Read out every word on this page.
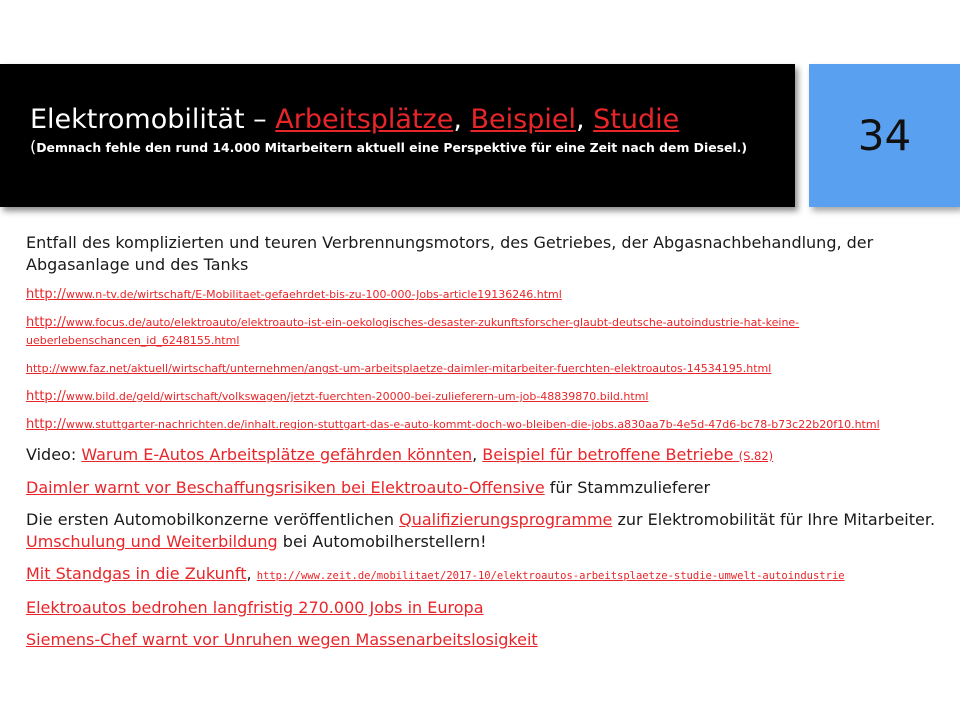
Elektromobilität – Arbeitsplätze, Beispiel, Studie
(Demnach fehle den rund 14.000 Mitarbeitern aktuell eine Perspektive für eine Zeit nach dem Diesel.)	34

Entfall des komplizierten und teuren Verbrennungsmotors, des Getriebes, der Abgasnachbehandlung, der Abgasanlage und des Tanks

http://www.n-tv.de/wirtschaft/E-Mobilitaet-gefaehrdet-bis-zu-100-000-Jobs-article19136246.html

http://www.focus.de/auto/elektroauto/elektroauto-ist-ein-oekologisches-desaster-zukunftsforscher-glaubt-deutsche-autoindustrie-hat-keine-ueberlebenschancen_id_6248155.html

http://www.faz.net/aktuell/wirtschaft/unternehmen/angst-um-arbeitsplaetze-daimler-mitarbeiter-fuerchten-elektroautos-14534195.html

http://www.bild.de/geld/wirtschaft/volkswagen/jetzt-fuerchten-20000-bei-zulieferern-um-job-48839870.bild.html

http://www.stuttgarter-nachrichten.de/inhalt.region-stuttgart-das-e-auto-kommt-doch-wo-bleiben-die-jobs.a830aa7b-4e5d-47d6-bc78-b73c22b20f10.html

Video: Warum E-Autos Arbeitsplätze gefährden könnten, Beispiel für betroffene Betriebe (S.82)

Daimler warnt vor Beschaffungsrisiken bei Elektroauto-Offensive für Stammzulieferer

Die ersten Automobilkonzerne veröffentlichen Qualifizierungsprogramme zur Elektromobilität für Ihre Mitarbeiter. Umschulung und Weiterbildung bei Automobilherstellern!

Mit Standgas in die Zukunft, http://www.zeit.de/mobilitaet/2017-10/elektroautos-arbeitsplaetze-studie-umwelt-autoindustrie

Elektroautos bedrohen langfristig 270.000 Jobs in Europa

Siemens-Chef warnt vor Unruhen wegen Massenarbeitslosigkeit
